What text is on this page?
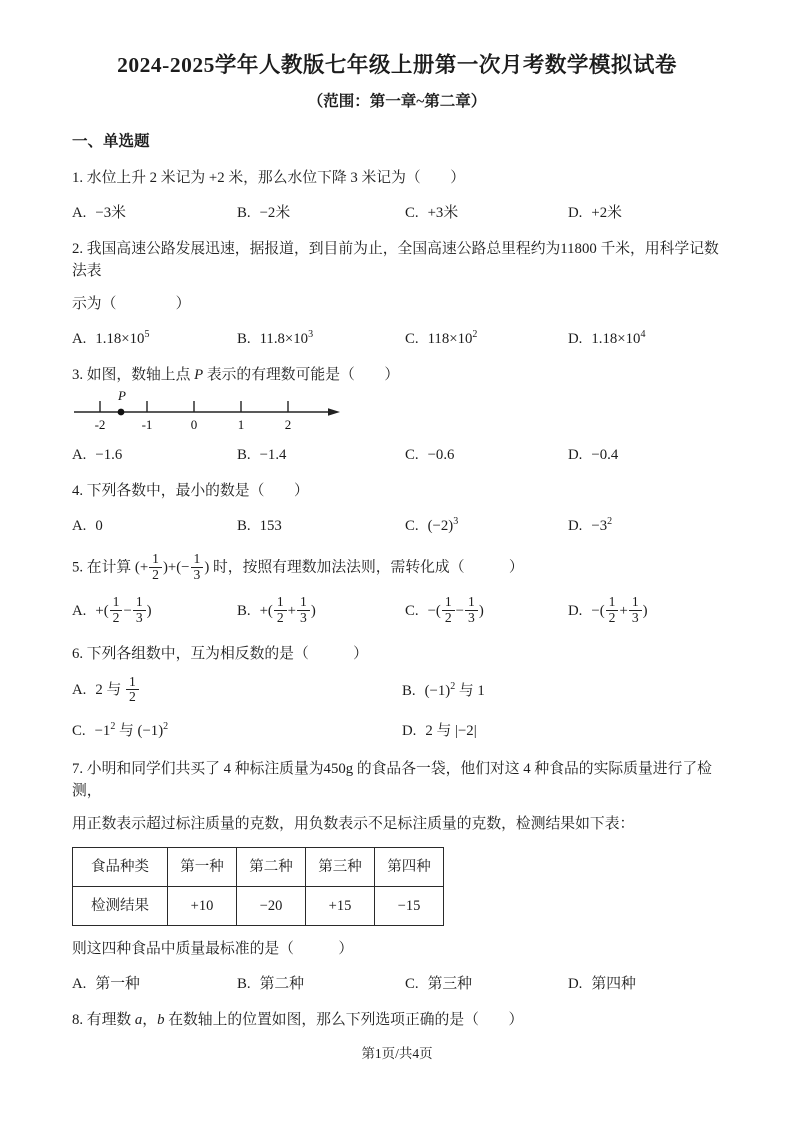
2024-2025学年人教版七年级上册第一次月考数学模拟试卷
（范围：第一章~第二章）
一、单选题
1. 水位上升 2 米记为 +2 米，那么水位下降 3 米记为（　　）
A. −3米	B. −2米	C. +3米	D. +2米
2. 我国高速公路发展迅速，据报道，到目前为止，全国高速公路总里程约为11800 千米，用科学记数法表
示为（　　　　）
A. $1.18\times 10^5$	B. $11.8\times 10^3$	C. $118\times 10^2$	D. $1.18\times 10^4$
3. 如图，数轴上点 P 表示的有理数可能是（　　）
P
-2	-1	0	1	2
A. −1.6	B. −1.4	C. −0.6	D. −0.4
4. 下列各数中，最小的数是（　　）
A. 0	B. 153	C. $(-2)^3$	D. $-3^2$
5. 在计算 (+ $\frac{1}{2}$ )+(− $\frac{1}{3}$ ) 时，按照有理数加法法则，需转化成（　　　）
A. +( $\frac{1}{2} - \frac{1}{3}$ )	B. +( $\frac{1}{2} + \frac{1}{3}$ )	C. −( $\frac{1}{2} - \frac{1}{3}$ )	D. −( $\frac{1}{2} + \frac{1}{3}$ )
6. 下列各组数中，互为相反数的是（　　　）
A. 2 与 $\frac{1}{2}$	B. $(-1)^2$ 与 1
C. $-1^2$ 与 $(-1)^2$	D. 2 与 |−2|
7. 小明和同学们共买了 4 种标注质量为450g 的食品各一袋，他们对这 4 种食品的实际质量进行了检测，
用正数表示超过标注质量的克数，用负数表示不足标注质量的克数，检测结果如下表：
食品种类	第一种	第二种	第三种	第四种
检测结果	+10	−20	+15	−15
则这四种食品中质量最标准的是（　　　）
A. 第一种	B. 第二种	C. 第三种	D. 第四种
8. 有理数 a，b 在数轴上的位置如图，那么下列选项正确的是（　　）
第1页/共4页
